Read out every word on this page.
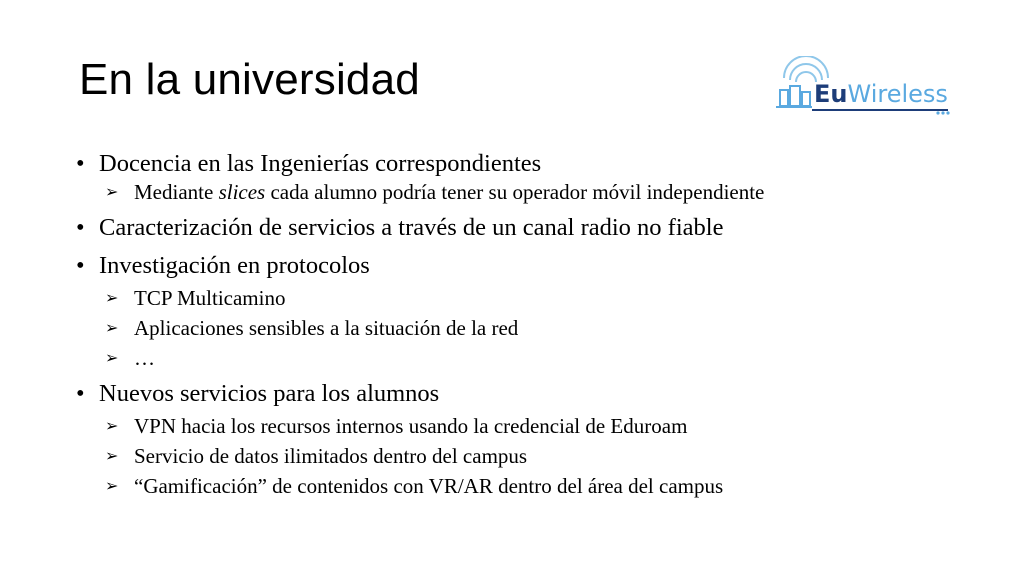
En la universidad	EuWireless
• Docencia en las Ingenierías correspondientes
➢ Mediante slices cada alumno podría tener su operador móvil independiente
• Caracterización de servicios a través de un canal radio no fiable
• Investigación en protocolos
➢ TCP Multicamino
➢ Aplicaciones sensibles a la situación de la red
➢ …
• Nuevos servicios para los alumnos
➢ VPN hacia los recursos internos usando la credencial de Eduroam
➢ Servicio de datos ilimitados dentro del campus
➢ “Gamificación” de contenidos con VR/AR dentro del área del campus
